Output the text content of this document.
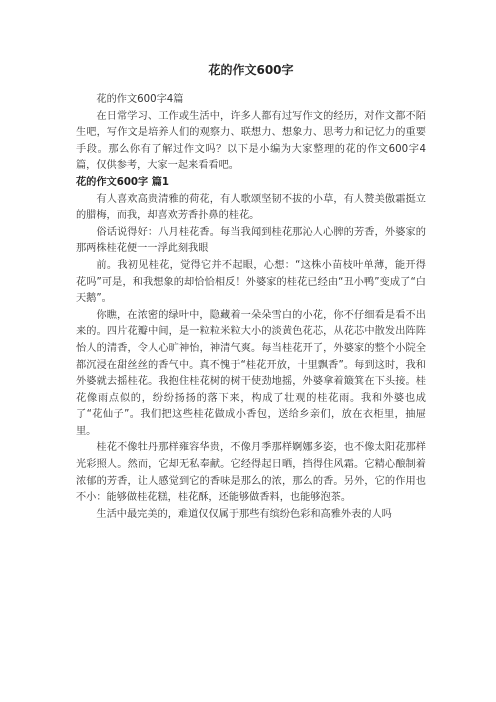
花的作文600字

花的作文600字4篇

在日常学习、工作或生活中，许多人都有过写作文的经历，对作文都不陌生吧，写作文是培养人们的观察力、联想力、想象力、思考力和记忆力的重要手段。那么你有了解过作文吗？以下是小编为大家整理的花的作文600字4篇，仅供参考，大家一起来看看吧。

花的作文600字 篇1

有人喜欢高贵清雅的荷花，有人歌颂坚韧不拔的小草，有人赞美傲霜挺立的腊梅，而我，却喜欢芳香扑鼻的桂花。

俗话说得好：八月桂花香。每当我闻到桂花那沁人心脾的芳香，外婆家的那两株桂花便一一浮此刻我眼

前。我初见桂花，觉得它并不起眼，心想：“这株小苗枝叶单薄，能开得花吗”可是，和我想象的却恰恰相反！外婆家的桂花已经由“丑小鸭”变成了“白天鹅”。

你瞧，在浓密的绿叶中，隐藏着一朵朵雪白的小花，你不仔细看是看不出来的。四片花瓣中间，是一粒粒米粒大小的淡黄色花芯，从花芯中散发出阵阵怡人的清香，令人心旷神怡，神清气爽。每当桂花开了，外婆家的整个小院全都沉浸在甜丝丝的香气中。真不愧于“桂花开放，十里飘香”。每到这时，我和外婆就去摇桂花。我抱住桂花树的树干使劲地摇，外婆拿着簸箕在下头接。桂花像雨点似的，纷纷扬扬的落下来，构成了壮观的桂花雨。我和外婆也成了“花仙子”。我们把这些桂花做成小香包，送给乡亲们，放在衣柜里，抽屉里。

桂花不像牡丹那样雍容华贵，不像月季那样婀娜多姿，也不像太阳花那样光彩照人。然而，它却无私奉献。它经得起日晒，挡得住风霜。它精心酿制着浓郁的芳香，让人感觉到它的香味是那么的浓，那么的香。另外，它的作用也不小：能够做桂花糕，桂花酥，还能够做香料，也能够泡茶。

生活中最完美的，难道仅仅属于那些有缤纷色彩和高雅外表的人吗
